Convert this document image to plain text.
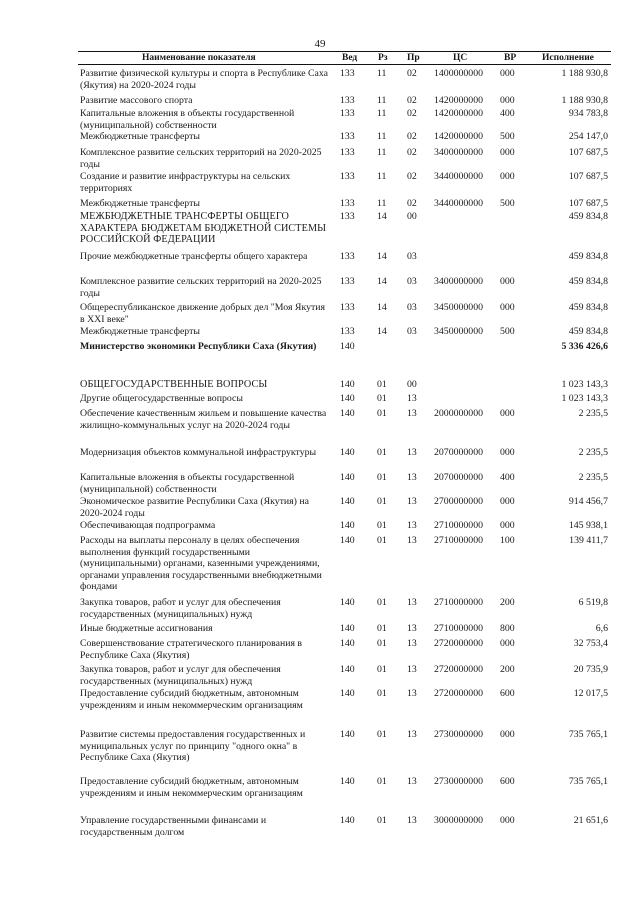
49
Наименование показателя	Вед Рз Пр	ЦС	ВР	Исполнение
Развитие физической культуры и спорта в Республике Саха (Якутия) на 2020-2024 годы
133 11 02 1400000000 000	1 188 930,8
Развитие массового спорта	133 11 02 1420000000 000	1 188 930,8
Капитальные вложения в объекты государственной (муниципальной) собственности
133 11 02 1420000000 400	934 783,8
Межбюджетные трансферты	133 11 02 1420000000 500	254 147,0
Комплексное развитие сельских территорий на 2020-2025 годы
133 11 02 3400000000 000	107 687,5
Создание и развитие инфраструктуры на сельских территориях
133 11 02 3440000000 000	107 687,5
Межбюджетные трансферты	133 11 02 3440000000 500	107 687,5
МЕЖБЮДЖЕТНЫЕ ТРАНСФЕРТЫ ОБЩЕГО ХАРАКТЕРА БЮДЖЕТАМ БЮДЖЕТНОЙ СИСТЕМЫ РОССИЙСКОЙ ФЕДЕРАЦИИ
133 14 00	459 834,8
Прочие межбюджетные трансферты общего характера	133 14 03	459 834,8
Комплексное развитие сельских территорий на 2020-2025 годы
133 14 03 3400000000 000	459 834,8
Общереспубликанское движение добрых дел "Моя Якутия в XXI веке"
133 14 03 3450000000 000	459 834,8
Межбюджетные трансферты	133 14 03 3450000000 500	459 834,8
Министерство экономики Республики Саха (Якутия)	140	5 336 426,6
ОБЩЕГОСУДАРСТВЕННЫЕ ВОПРОСЫ	140 01 00	1 023 143,3
Другие общегосударственные вопросы	140 01 13	1 023 143,3
Обеспечение качественным жильем и повышение качества жилищно-коммунальных услуг на 2020-2024 годы
140 01 13 2000000000 000	2 235,5
Модернизация объектов коммунальной инфраструктуры	140 01 13 2070000000 000	2 235,5
Капитальные вложения в объекты государственной (муниципальной) собственности
140 01 13 2070000000 400	2 235,5
Экономическое развитие Республики Саха (Якутия) на 2020-2024 годы
140 01 13 2700000000 000	914 456,7
Обеспечивающая подпрограмма	140 01 13 2710000000 000	145 938,1
Расходы на выплаты персоналу в целях обеспечения выполнения функций государственными (муниципальными) органами, казенными учреждениями, органами управления государственными внебюджетными фондами
140 01 13 2710000000 100	139 411,7
Закупка товаров, работ и услуг для обеспечения государственных (муниципальных) нужд
140 01 13 2710000000 200	6 519,8
Иные бюджетные ассигнования	140 01 13 2710000000 800	6,6
Совершенствование стратегического планирования в Республике Саха (Якутия)
140 01 13 2720000000 000	32 753,4
Закупка товаров, работ и услуг для обеспечения государственных (муниципальных) нужд
140 01 13 2720000000 200	20 735,9
Предоставление субсидий бюджетным, автономным учреждениям и иным некоммерческим организациям
140 01 13 2720000000 600	12 017,5
Развитие системы предоставления государственных и муниципальных услуг по принципу "одного окна" в Республике Саха (Якутия)
140 01 13 2730000000 000	735 765,1
Предоставление субсидий бюджетным, автономным учреждениям и иным некоммерческим организациям
140 01 13 2730000000 600	735 765,1
Управление государственными финансами и государственным долгом
140 01 13 3000000000 000	21 651,6
